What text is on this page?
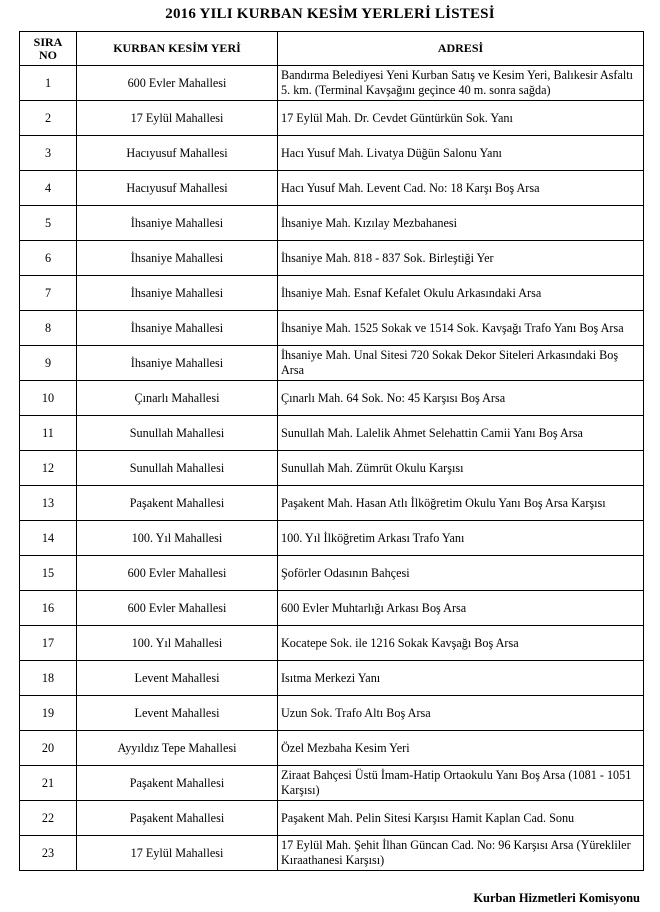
2016 YILI KURBAN KESİM YERLERİ LİSTESİ
SIRA
NO	KURBAN KESİM YERİ	ADRESİ
1	600 Evler Mahallesi	Bandırma Belediyesi Yeni Kurban Satış ve Kesim Yeri, Balıkesir Asfaltı 5. km. (Terminal Kavşağını geçince 40 m. sonra sağda)
2	17 Eylül Mahallesi	17 Eylül Mah. Dr. Cevdet Güntürkün Sok. Yanı
3	Hacıyusuf Mahallesi	Hacı Yusuf Mah. Livatya Düğün Salonu Yanı
4	Hacıyusuf Mahallesi	Hacı Yusuf Mah. Levent Cad. No: 18 Karşı Boş Arsa
5	İhsaniye Mahallesi	İhsaniye Mah. Kızılay Mezbahanesi
6	İhsaniye Mahallesi	İhsaniye Mah. 818 - 837 Sok. Birleştiği Yer
7	İhsaniye Mahallesi	İhsaniye Mah. Esnaf Kefalet Okulu Arkasındaki Arsa
8	İhsaniye Mahallesi	İhsaniye Mah. 1525 Sokak ve 1514 Sok. Kavşağı Trafo Yanı Boş Arsa
9	İhsaniye Mahallesi	İhsaniye Mah. Unal Sitesi 720 Sokak Dekor Siteleri Arkasındaki Boş Arsa
10	Çınarlı Mahallesi	Çınarlı Mah. 64 Sok. No: 45 Karşısı Boş Arsa
11	Sunullah Mahallesi	Sunullah Mah. Lalelik Ahmet Selehattin Camii Yanı Boş Arsa
12	Sunullah Mahallesi	Sunullah Mah. Zümrüt Okulu Karşısı
13	Paşakent Mahallesi	Paşakent Mah. Hasan Atlı İlköğretim Okulu Yanı Boş Arsa Karşısı
14	100. Yıl Mahallesi	100. Yıl İlköğretim Arkası Trafo Yanı
15	600 Evler Mahallesi	Şoförler Odasının Bahçesi
16	600 Evler Mahallesi	600 Evler Muhtarlığı Arkası Boş Arsa
17	100. Yıl Mahallesi	Kocatepe Sok. ile 1216 Sokak Kavşağı Boş Arsa
18	Levent Mahallesi	Isıtma Merkezi Yanı
19	Levent Mahallesi	Uzun Sok. Trafo Altı Boş Arsa
20	Ayyıldız Tepe Mahallesi	Özel Mezbaha Kesim Yeri
21	Paşakent Mahallesi	Ziraat Bahçesi Üstü İmam-Hatip Ortaokulu Yanı Boş Arsa (1081 - 1051 Karşısı)
22	Paşakent Mahallesi	Paşakent Mah. Pelin Sitesi Karşısı Hamit Kaplan Cad. Sonu
23	17 Eylül Mahallesi	17 Eylül Mah. Şehit İlhan Güncan Cad. No: 96 Karşısı Arsa (Yürekliler Kıraathanesi Karşısı)
Kurban Hizmetleri Komisyonu
